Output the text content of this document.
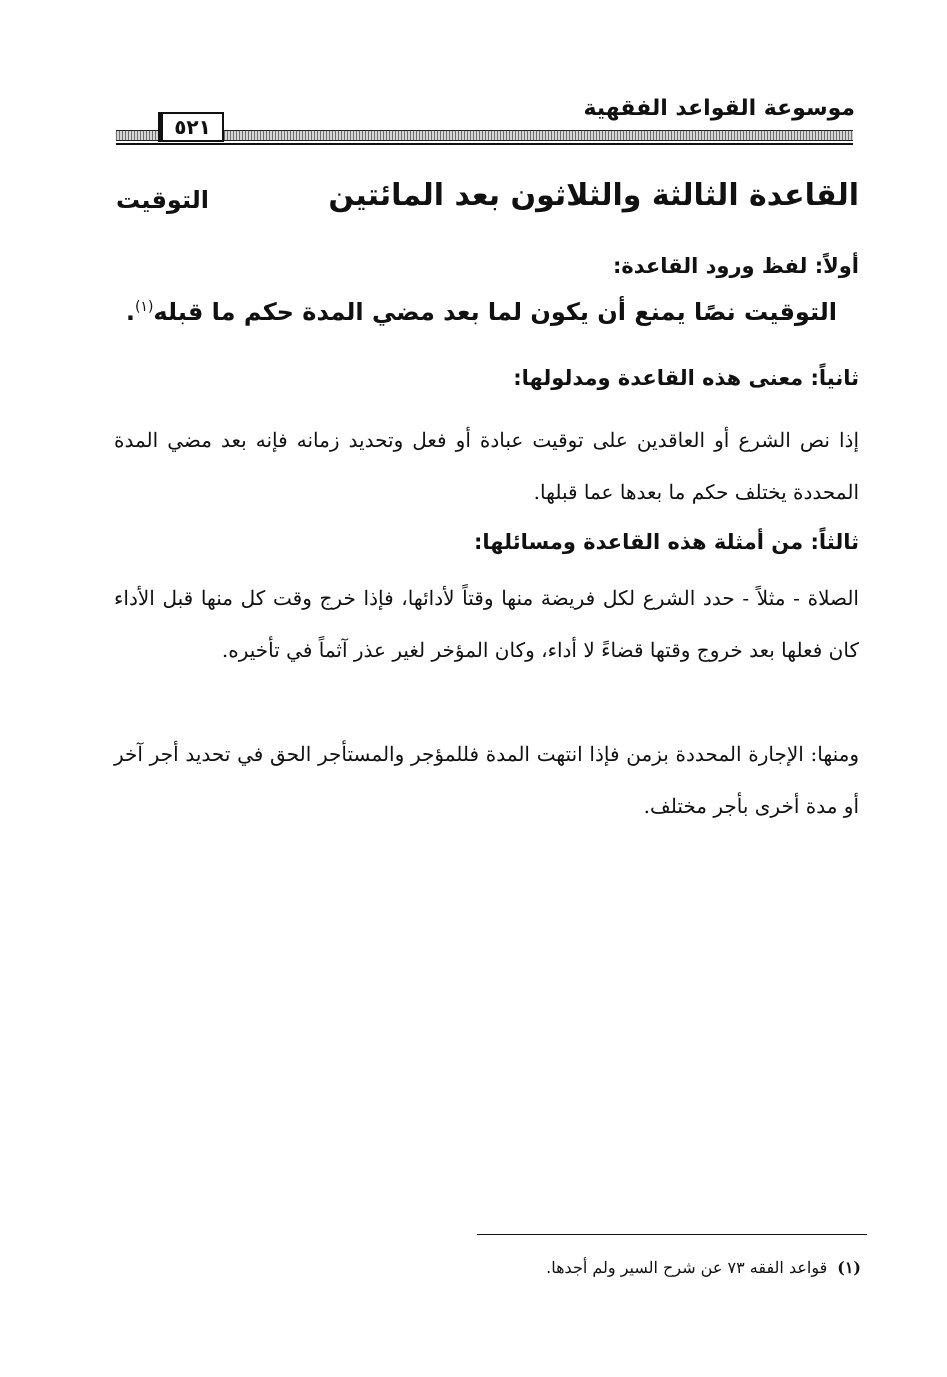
موسوعة القواعد الفقهية
٥٢١
القاعدة الثالثة والثلاثون بعد المائتين
التوقيت
أولاً: لفظ ورود القاعدة:
التوقيت نصًا يمنع أن يكون لما بعد مضي المدة حكم ما قبله$^{(١)}$.
ثانياً: معنى هذه القاعدة ومدلولها:

إذا نص الشرع أو العاقدين على توقيت عبادة أو فعل وتحديد زمانه فإنه بعد مضي المدة المحددة يختلف حكم ما بعدها عما قبلها.

ثالثاً: من أمثلة هذه القاعدة ومسائلها:

الصلاة - مثلاً - حدد الشرع لكل فريضة منها وقتاً لأدائها، فإذا خرج وقت كل منها قبل الأداء كان فعلها بعد خروج وقتها قضاءً لا أداء، وكان المؤخر لغير عذر آثماً في تأخيره.

ومنها: الإجارة المحددة بزمن فإذا انتهت المدة فللمؤجر والمستأجر الحق في تحديد أجر آخر أو مدة أخرى بأجر مختلف.

(١)قواعد الفقه ٧٣ عن شرح السير ولم أجدها.
